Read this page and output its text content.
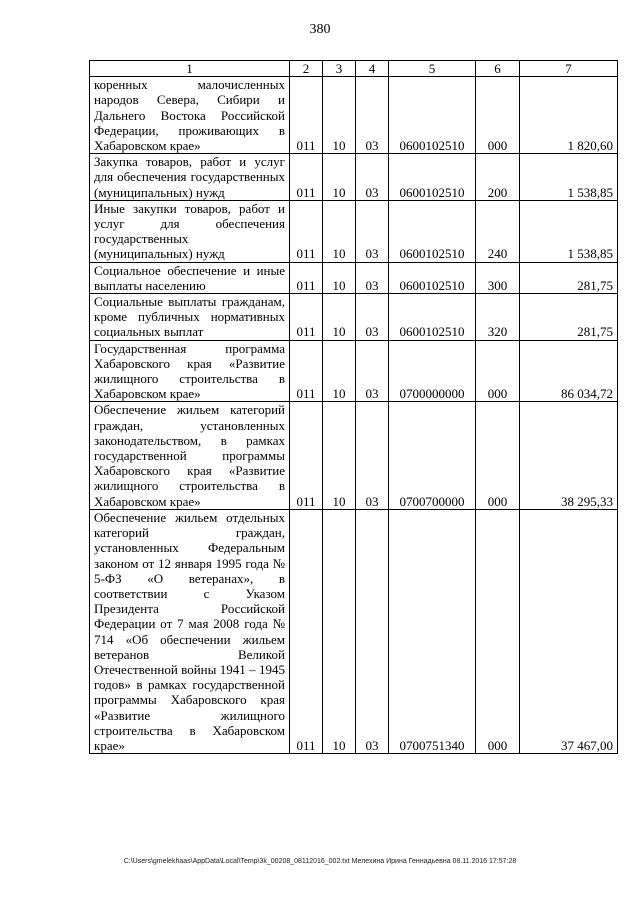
380
1	2	3	4	5	6	7
коренных малочисленных народов Севера, Сибири и Дальнего Востока Российской Федерации, проживающих в Хабаровском крае»	011	10	03	0600102510	000	1 820,60
Закупка товаров, работ и услуг для обеспечения государственных (муниципальных) нужд	011	10	03	0600102510	200	1 538,85
Иные закупки товаров, работ и услуг для обеспечения государственных (муниципальных) нужд	011	10	03	0600102510	240	1 538,85
Социальное обеспечение и иные выплаты населению	011	10	03	0600102510	300	281,75
Социальные выплаты гражданам, кроме публичных нормативных социальных выплат	011	10	03	0600102510	320	281,75
Государственная программа Хабаровского края «Развитие жилищного строительства в Хабаровском крае»	011	10	03	0700000000	000	86 034,72
Обеспечение жильем категорий граждан, установленных законодательством, в рамках государственной программы Хабаровского края «Развитие жилищного строительства в Хабаровском крае»	011	10	03	0700700000	000	38 295,33
Обеспечение жильем отдельных категорий граждан, установленных Федеральным законом от 12 января 1995 года № 5-ФЗ «О ветеранах», в соответствии с Указом Президента Российской Федерации от 7 мая 2008 года № 714 «Об обеспечении жильем ветеранов Великой Отечественной войны 1941 – 1945 годов» в рамках государственной программы Хабаровского края «Развитие жилищного строительства в Хабаровском крае»	011	10	03	0700751340	000	37 467,00
C:\Users\gmelekhaas\AppData\Local\Temp\3k_00208_08112016_002.txt Мелехина Ирина Геннадьевна 08.11.2016 17:57:28
